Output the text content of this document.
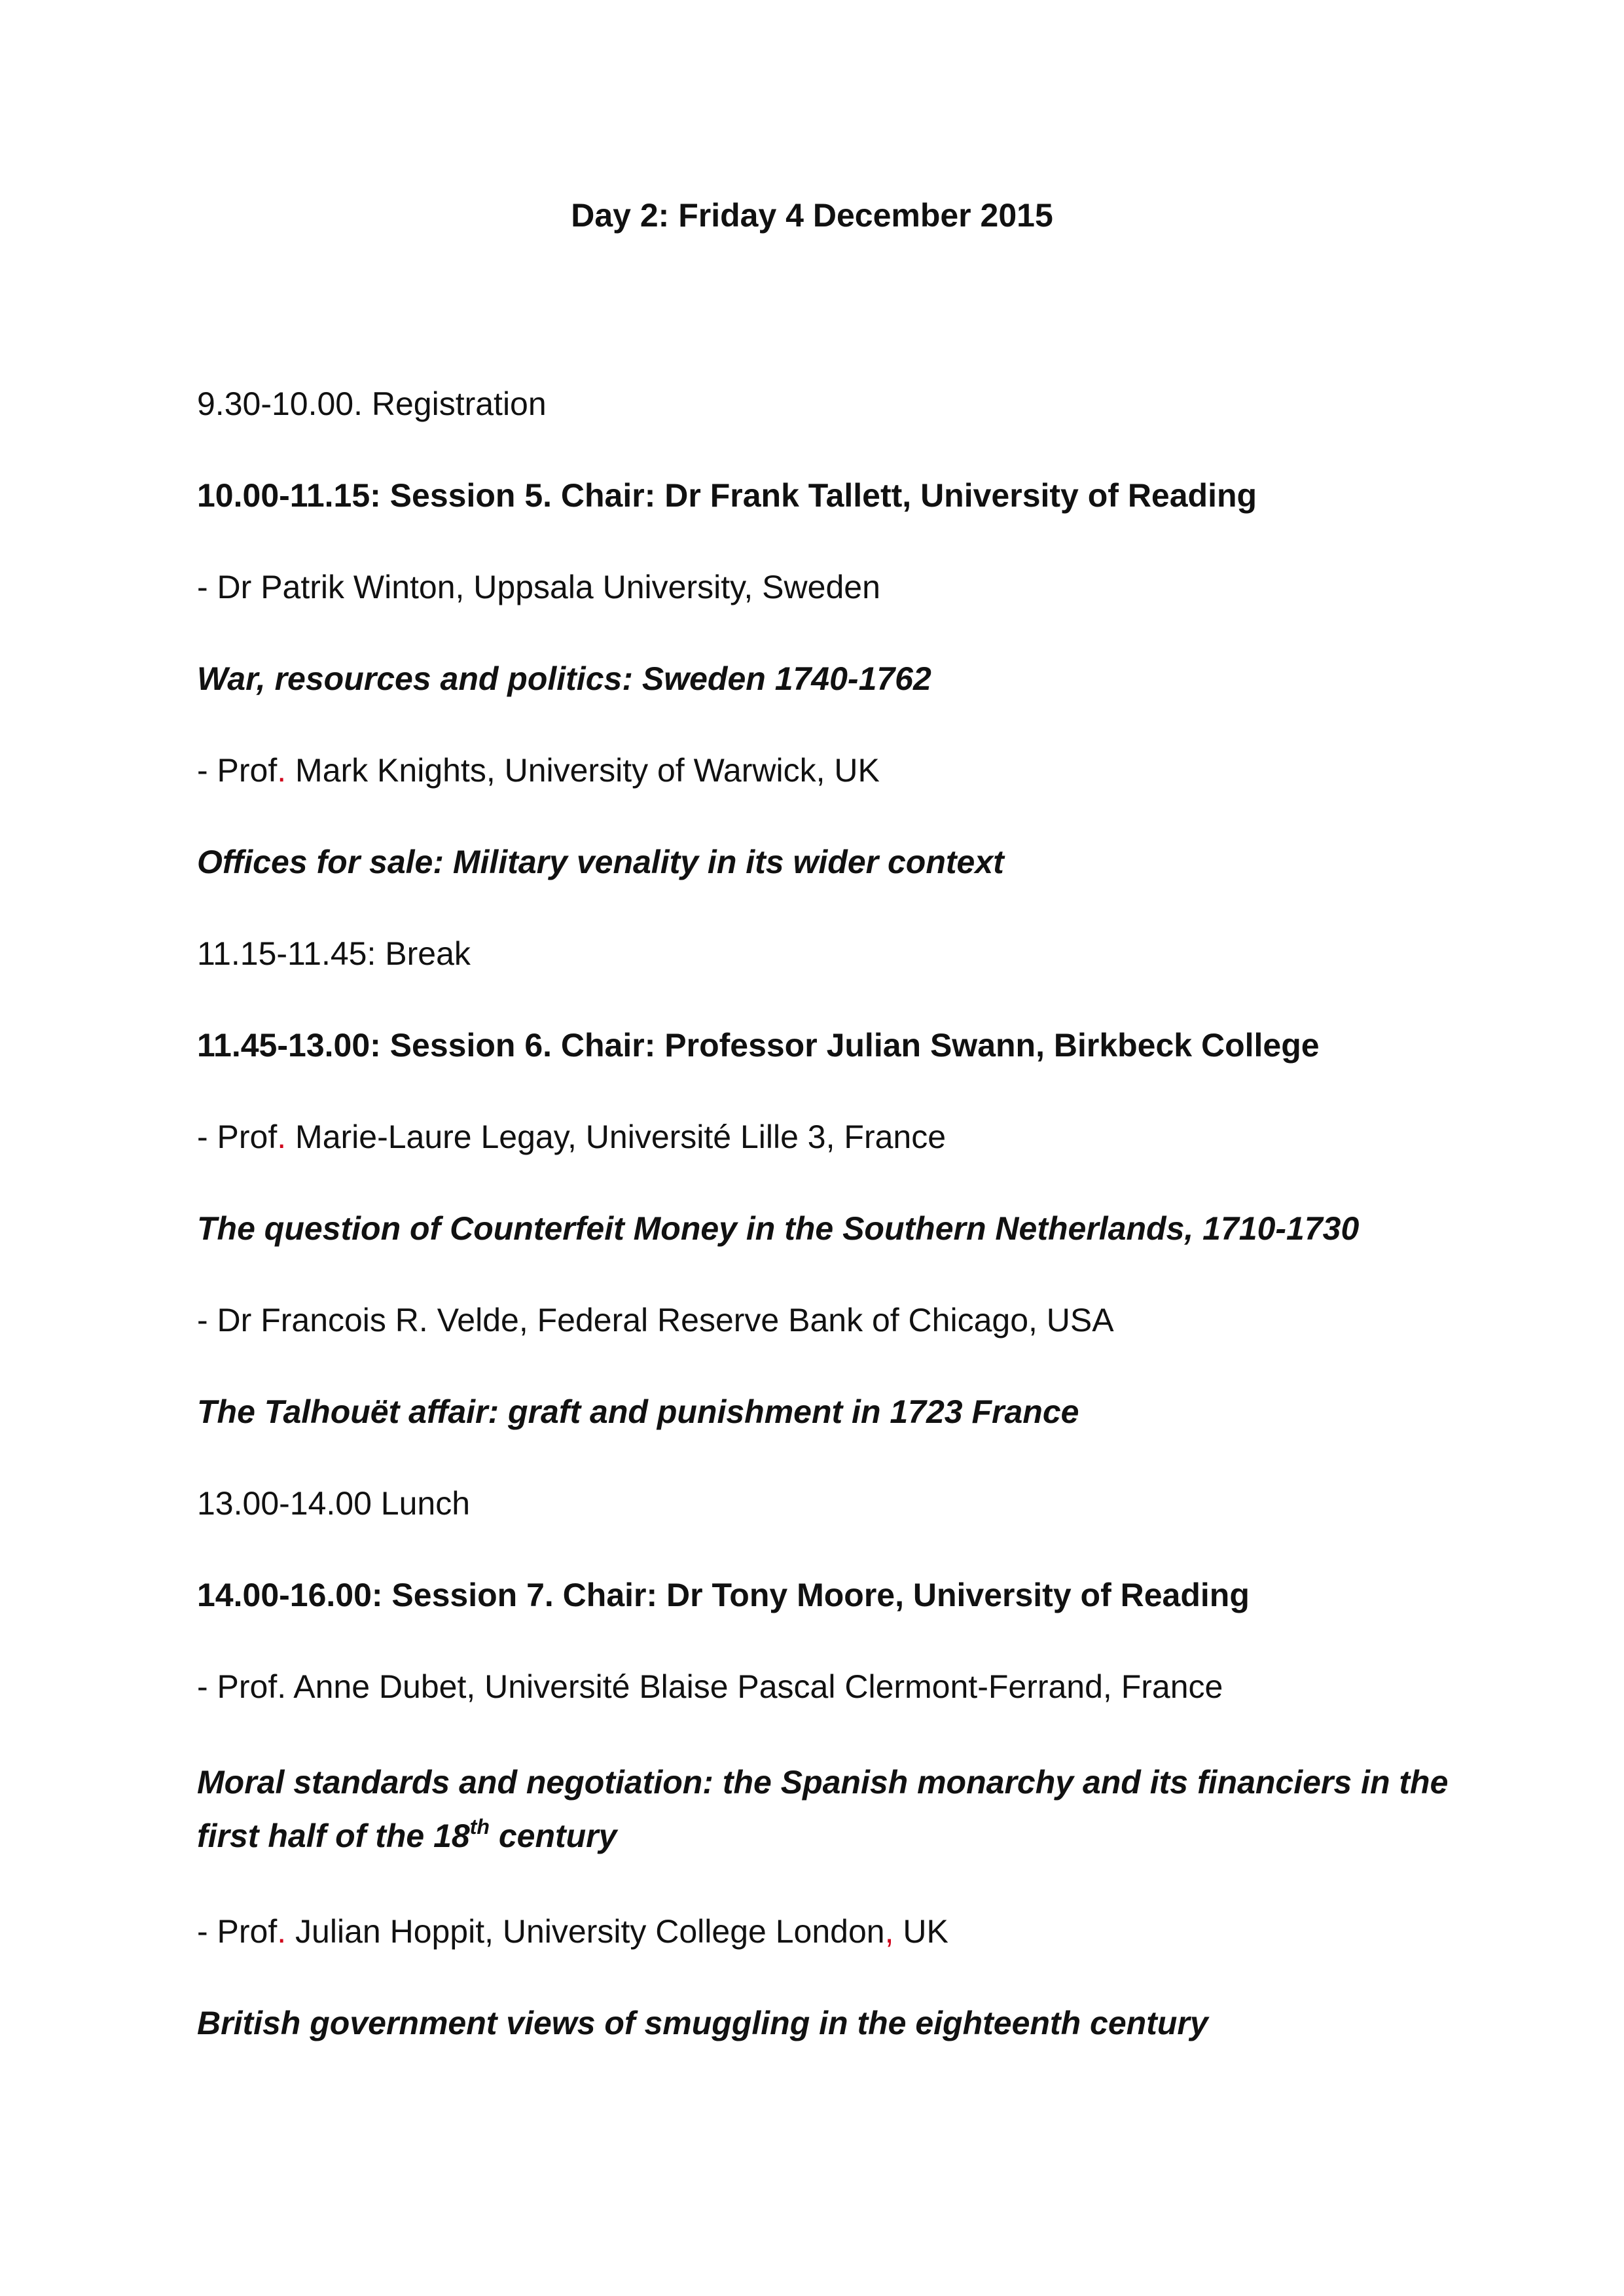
Day 2: Friday 4 December 2015

9.30-10.00. Registration

10.00-11.15: Session 5. Chair: Dr Frank Tallett, University of Reading

- Dr Patrik Winton, Uppsala University, Sweden

War, resources and politics: Sweden 1740-1762

- Prof. Mark Knights, University of Warwick, UK

Offices for sale: Military venality in its wider context

11.15-11.45: Break

11.45-13.00: Session 6. Chair: Professor Julian Swann, Birkbeck College

- Prof. Marie-Laure Legay, Université Lille 3, France

The question of Counterfeit Money in the Southern Netherlands, 1710-1730

- Dr Francois R. Velde, Federal Reserve Bank of Chicago, USA

The Talhouët affair: graft and punishment in 1723 France

13.00-14.00 Lunch

14.00-16.00: Session 7. Chair: Dr Tony Moore, University of Reading

- Prof. Anne Dubet, Université Blaise Pascal Clermont-Ferrand, France

Moral standards and negotiation: the Spanish monarchy and its financiers in the first half of the 18th century

- Prof. Julian Hoppit, University College London, UK

British government views of smuggling in the eighteenth century
